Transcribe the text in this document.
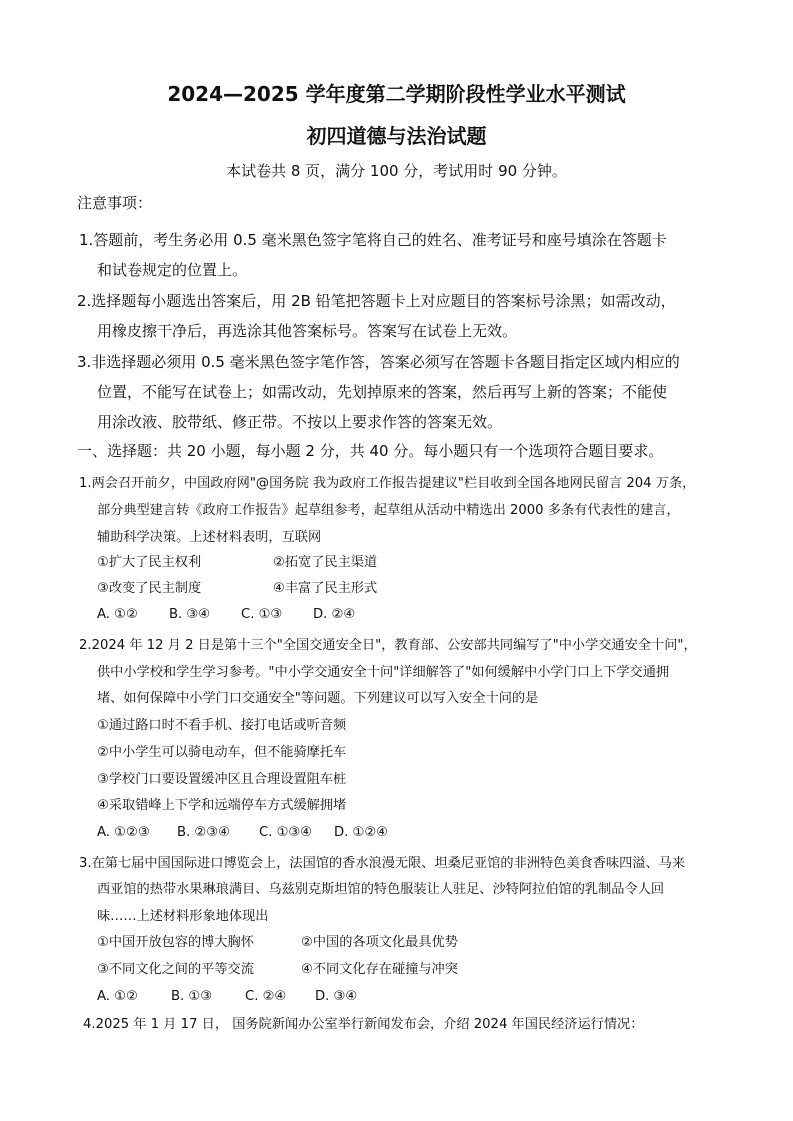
2024—2025 学年度第二学期阶段性学业水平测试
初四道德与法治试题
本试卷共 8 页，满分 100 分，考试用时 90 分钟。
注意事项：
1.答题前，考生务必用 0.5 毫米黑色签字笔将自己的姓名、准考证号和座号填涂在答题卡
和试卷规定的位置上。
2.选择题每小题选出答案后，用 2B 铅笔把答题卡上对应题目的答案标号涂黑；如需改动，
用橡皮擦干净后，再选涂其他答案标号。答案写在试卷上无效。
3.非选择题必须用 0.5 毫米黑色签字笔作答，答案必须写在答题卡各题目指定区域内相应的
位置，不能写在试卷上；如需改动，先划掉原来的答案，然后再写上新的答案；不能使
用涂改液、胶带纸、修正带。不按以上要求作答的答案无效。
一、选择题：共 20 小题，每小题 2 分，共 40 分。每小题只有一个选项符合题目要求。
1.两会召开前夕，中国政府网"@国务院 我为政府工作报告提建议"栏目收到全国各地网民留言 204 万条，
部分典型建言转《政府工作报告》起草组参考，起草组从活动中精选出 2000 多条有代表性的建言，
辅助科学决策。上述材料表明，互联网
①扩大了民主权利	②拓宽了民主渠道
③改变了民主制度	④丰富了民主形式
A. ①② B. ③④ C. ①③ D. ②④
2.2024 年 12 月 2 日是第十三个"全国交通安全日"，教育部、公安部共同编写了"中小学交通安全十问"，
供中小学校和学生学习参考。"中小学交通安全十问"详细解答了"如何缓解中小学门口上下学交通拥
堵、如何保障中小学门口交通安全"等问题。下列建议可以写入安全十问的是
①通过路口时不看手机、接打电话或听音频
②中小学生可以骑电动车，但不能骑摩托车
③学校门口要设置缓冲区且合理设置阻车桩
④采取错峰上下学和远端停车方式缓解拥堵
A. ①②③ B. ②③④ C. ①③④ D. ①②④
3.在第七届中国国际进口博览会上，法国馆的香水浪漫无限、坦桑尼亚馆的非洲特色美食香味四溢、马来
西亚馆的热带水果琳琅满目、乌兹别克斯坦馆的特色服装让人驻足、沙特阿拉伯馆的乳制品令人回
味……上述材料形象地体现出
①中国开放包容的博大胸怀	②中国的各项文化最具优势
③不同文化之间的平等交流	④不同文化存在碰撞与冲突
A. ①②	B. ①③ C. ②④ D. ③④
4.2025 年 1 月 17 日， 国务院新闻办公室举行新闻发布会，介绍 2024 年国民经济运行情况：
